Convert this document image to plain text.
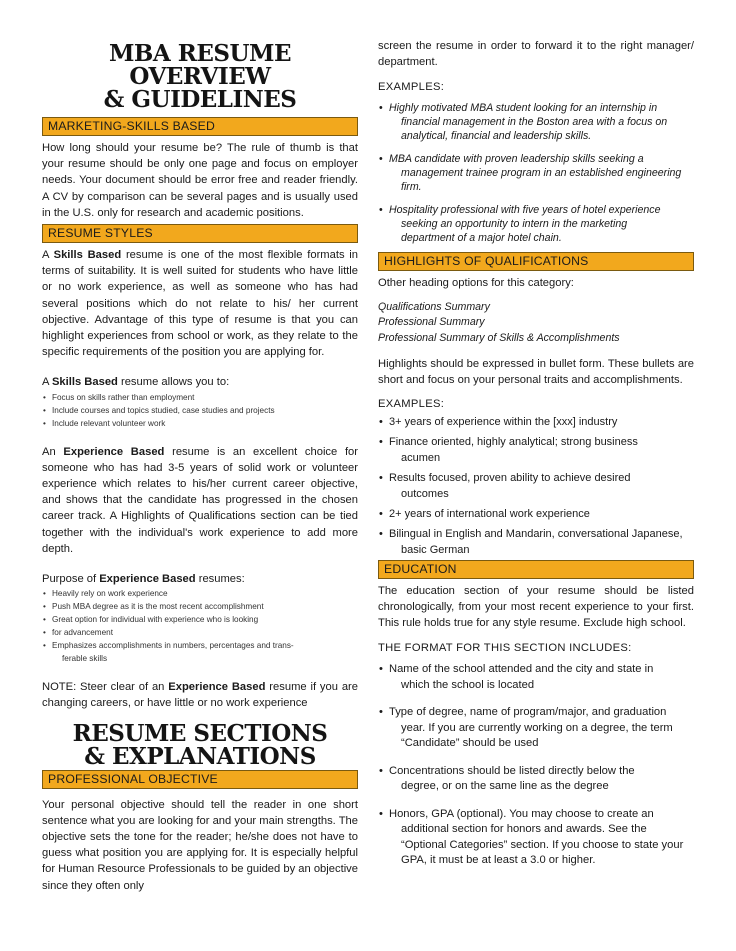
MBA RESUME OVERVIEW
& GUIDELINES
MARKETING-SKILLS BASED

How long should your resume be? The rule of thumb is that your resume should be only one page and focus on employer needs. Your document should be error free and reader friendly. A CV by comparison can be several pages and is usually used in the U.S. only for research and academic positions.

RESUME STYLES

A Skills Based resume is one of the most flexible formats in terms of suitability. It is well suited for students who have little or no work experience, as well as someone who has had several positions which do not relate to his/ her current objective. Advantage of this type of resume is that you can highlight experiences from school or work, as they relate to the specific requirements of the position you are applying for.

A Skills Based resume allows you to:

• Focus on skills rather than employment
• Include courses and topics studied, case studies and projects
• Include relevant volunteer work

An Experience Based resume is an excellent choice for someone who has had 3-5 years of solid work or volunteer experience which relates to his/her current career objective, and shows that the candidate has progressed in the chosen career track. A Highlights of Qualifications section can be tied together with the individual's work experience to add more depth.

Purpose of Experience Based resumes:

• Heavily rely on work experience
• Push MBA degree as it is the most recent accomplishment
• Great option for individual with experience who is looking
• for advancement
• Emphasizes accomplishments in numbers, percentages and trans-
ferable skills

NOTE: Steer clear of an Experience Based resume if you are changing careers, or have little or no work experience

RESUME SECTIONS
& EXPLANATIONS
PROFESSIONAL OBJECTIVE

Your personal objective should tell the reader in one short sentence what you are looking for and your main strengths. The objective sets the tone for the reader; he/she does not have to guess what position you are applying for. It is especially helpful for Human Resource Professionals to be guided by an objective since they often only

screen the resume in order to forward it to the right manager/ department.

EXAMPLES:
• Highly motivated MBA student looking for an internship in
financial management in the Boston area with a focus on
analytical, financial and leadership skills.
• MBA candidate with proven leadership skills seeking a
management trainee program in an established engineering
firm.
• Hospitality professional with five years of hotel experience
seeking an opportunity to intern in the marketing
department of a major hotel chain.
HIGHLIGHTS OF QUALIFICATIONS

Other heading options for this category:

Qualifications Summary
Professional Summary
Professional Summary of Skills & Accomplishments

Highlights should be expressed in bullet form. These bullets are short and focus on your personal traits and accomplishments.

EXAMPLES:
• 3+ years of experience within the [xxx] industry
• Finance oriented, highly analytical; strong business
acumen
• Results focused, proven ability to achieve desired
outcomes
• 2+ years of international work experience
• Bilingual in English and Mandarin, conversational Japanese,
basic German
EDUCATION

The education section of your resume should be listed chronologically, from your most recent experience to your first. This rule holds true for any style resume. Exclude high school.

THE FORMAT FOR THIS SECTION INCLUDES:
• Name of the school attended and the city and state in
which the school is located
• Type of degree, name of program/major, and graduation
year. If you are currently working on a degree, the term “Candidate” should be used
• Concentrations should be listed directly below the
degree, or on the same line as the degree
• Honors, GPA (optional). You may choose to create an
additional section for honors and awards. See the “Optional Categories” section. If you choose to state your GPA, it must be at least a 3.0 or higher.
